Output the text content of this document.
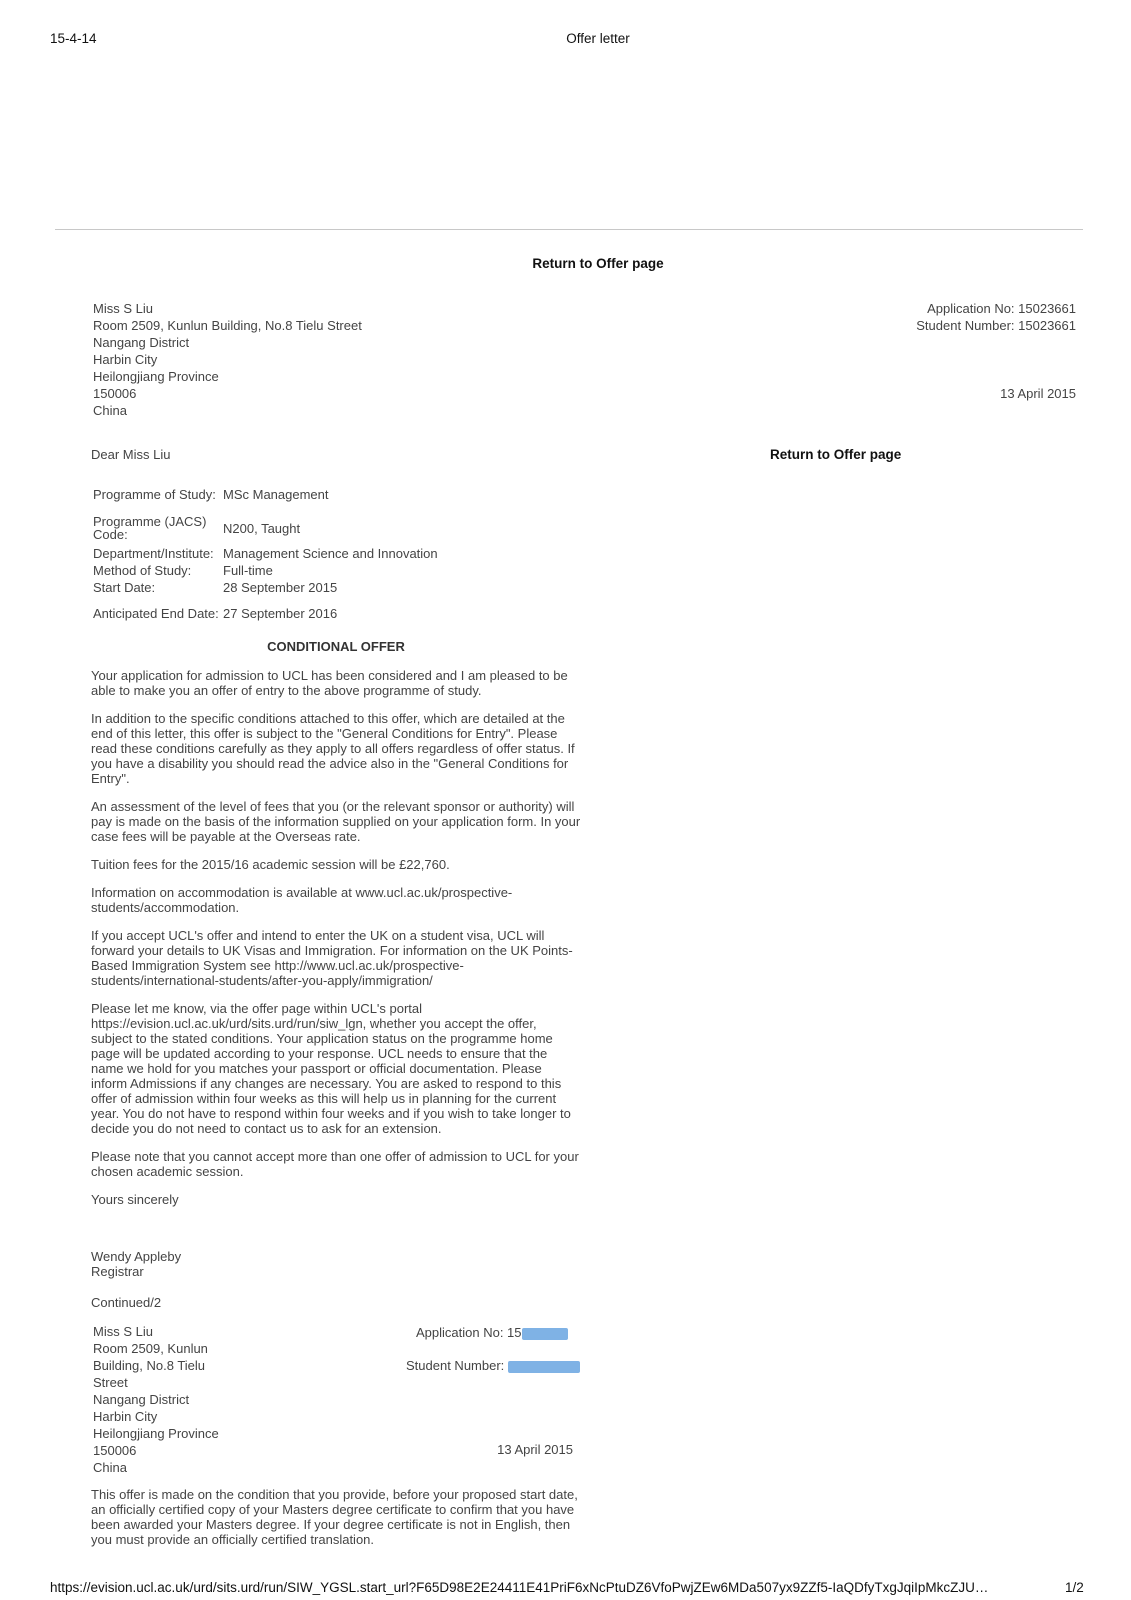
15-4-14	Offer letter
Return to Offer page
Miss S Liu
Room 2509, Kunlun Building, No.8 Tielu Street
Nangang District
Harbin City
Heilongjiang Province
150006
China
Application No: 15023661
Student Number: 15023661
13 April 2015
Dear Miss Liu	Return to Offer page
Programme of Study:	MSc Management
Programme (JACS) Code:	N200, Taught
Department/Institute:	Management Science and Innovation
Method of Study:	Full-time
Start Date:	28 September 2015
Anticipated End Date:	27 September 2016
CONDITIONAL OFFER

Your application for admission to UCL has been considered and I am pleased to be able to make you an offer of entry to the above programme of study.

In addition to the specific conditions attached to this offer, which are detailed at the end of this letter, this offer is subject to the "General Conditions for Entry". Please read these conditions carefully as they apply to all offers regardless of offer status. If you have a disability you should read the advice also in the "General Conditions for Entry".

An assessment of the level of fees that you (or the relevant sponsor or authority) will pay is made on the basis of the information supplied on your application form. In your case fees will be payable at the Overseas rate.

Tuition fees for the 2015/16 academic session will be £22,760.

Information on accommodation is available at www.ucl.ac.uk/prospective-students/accommodation.

If you accept UCL's offer and intend to enter the UK on a student visa, UCL will forward your details to UK Visas and Immigration. For information on the UK Points-Based Immigration System see http://www.ucl.ac.uk/prospective-students/international-students/after-you-apply/immigration/

Please let me know, via the offer page within UCL's portal https://evision.ucl.ac.uk/urd/sits.urd/run/siw_lgn, whether you accept the offer, subject to the stated conditions. Your application status on the programme home page will be updated according to your response. UCL needs to ensure that the name we hold for you matches your passport or official documentation. Please inform Admissions if any changes are necessary. You are asked to respond to this offer of admission within four weeks as this will help us in planning for the current year. You do not have to respond within four weeks and if you wish to take longer to decide you do not need to contact us to ask for an extension.

Please note that you cannot accept more than one offer of admission to UCL for your chosen academic session.

Yours sincerely

Wendy Appleby
Registrar
Continued/2
Miss S Liu
Room 2509, Kunlun
Building, No.8 Tielu
Street
Nangang District
Harbin City
Heilongjiang Province
150006
China
Application No: 15
Student Number:
13 April 2015

This offer is made on the condition that you provide, before your proposed start date, an officially certified copy of your Masters degree certificate to confirm that you have been awarded your Masters degree. If your degree certificate is not in English, then you must provide an officially certified translation.

https://evision.ucl.ac.uk/urd/sits.urd/run/SIW_YGSL.start_url?F65D98E2E24411E41PriF6xNcPtuDZ6VfoPwjZEw6MDa507yx9ZZf5-IaQDfyTxgJqiIpMkcZJU…	1/2
